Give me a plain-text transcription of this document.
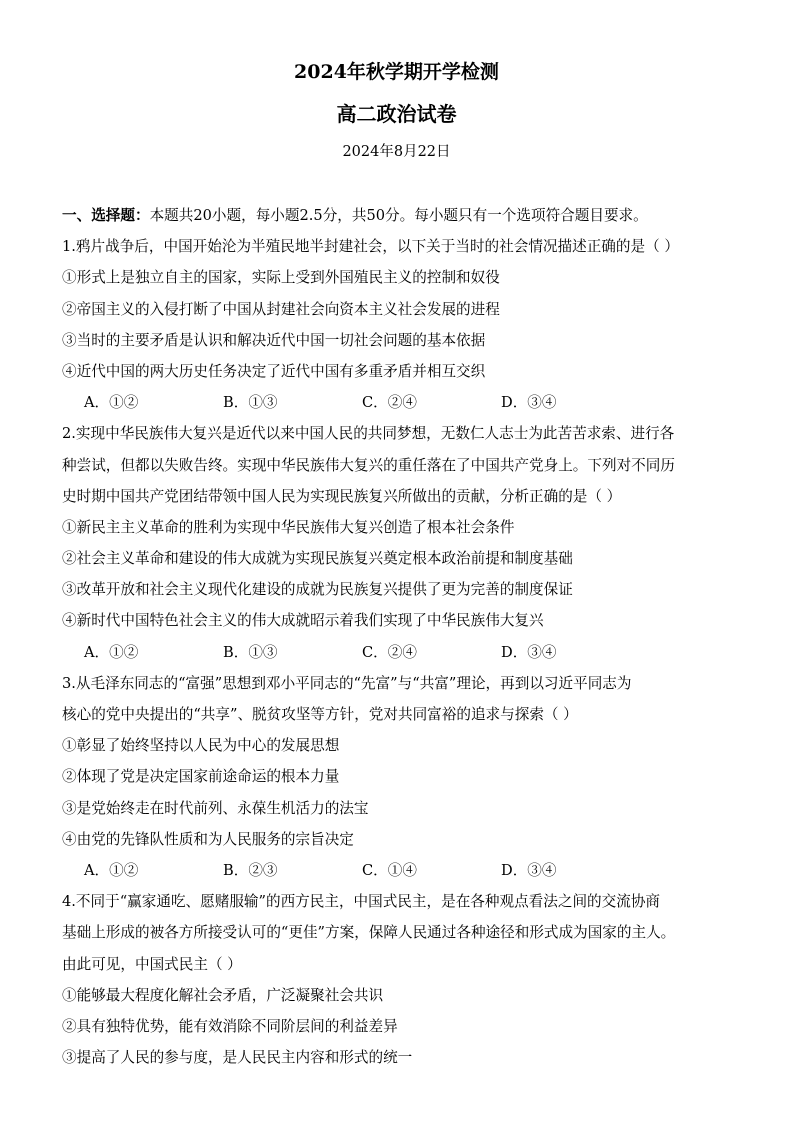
2024年秋学期开学检测
高二政治试卷
2024年8月22日
一、选择题：本题共20小题，每小题2.5分，共50分。每小题只有一个选项符合题目要求。
1.鸦片战争后，中国开始沦为半殖民地半封建社会，以下关于当时的社会情况描述正确的是（ ）
①形式上是独立自主的国家，实际上受到外国殖民主义的控制和奴役
②帝国主义的入侵打断了中国从封建社会向资本主义社会发展的进程
③当时的主要矛盾是认识和解决近代中国一切社会问题的基本依据
④近代中国的两大历史任务决定了近代中国有多重矛盾并相互交织
A．①②	B．①③	C．②④	D．③④
2.实现中华民族伟大复兴是近代以来中国人民的共同梦想，无数仁人志士为此苦苦求索、进行各
种尝试，但都以失败告终。实现中华民族伟大复兴的重任落在了中国共产党身上。下列对不同历
史时期中国共产党团结带领中国人民为实现民族复兴所做出的贡献，分析正确的是（ ）
①新民主主义革命的胜利为实现中华民族伟大复兴创造了根本社会条件
②社会主义革命和建设的伟大成就为实现民族复兴奠定根本政治前提和制度基础
③改革开放和社会主义现代化建设的成就为民族复兴提供了更为完善的制度保证
④新时代中国特色社会主义的伟大成就昭示着我们实现了中华民族伟大复兴
A．①②	B．①③	C．②④	D．③④
3.从毛泽东同志的“富强”思想到邓小平同志的“先富”与“共富”理论，再到以习近平同志为
核心的党中央提出的“共享”、脱贫攻坚等方针，党对共同富裕的追求与探索（ ）
①彰显了始终坚持以人民为中心的发展思想
②体现了党是决定国家前途命运的根本力量
③是党始终走在时代前列、永葆生机活力的法宝
④由党的先锋队性质和为人民服务的宗旨决定
A．①②	B．②③	C．①④	D．③④
4.不同于“赢家通吃、愿赌服输”的西方民主，中国式民主，是在各种观点看法之间的交流协商
基础上形成的被各方所接受认可的“更佳”方案，保障人民通过各种途径和形式成为国家的主人。
由此可见，中国式民主（ ）
①能够最大程度化解社会矛盾，广泛凝聚社会共识
②具有独特优势，能有效消除不同阶层间的利益差异
③提高了人民的参与度，是人民民主内容和形式的统一
